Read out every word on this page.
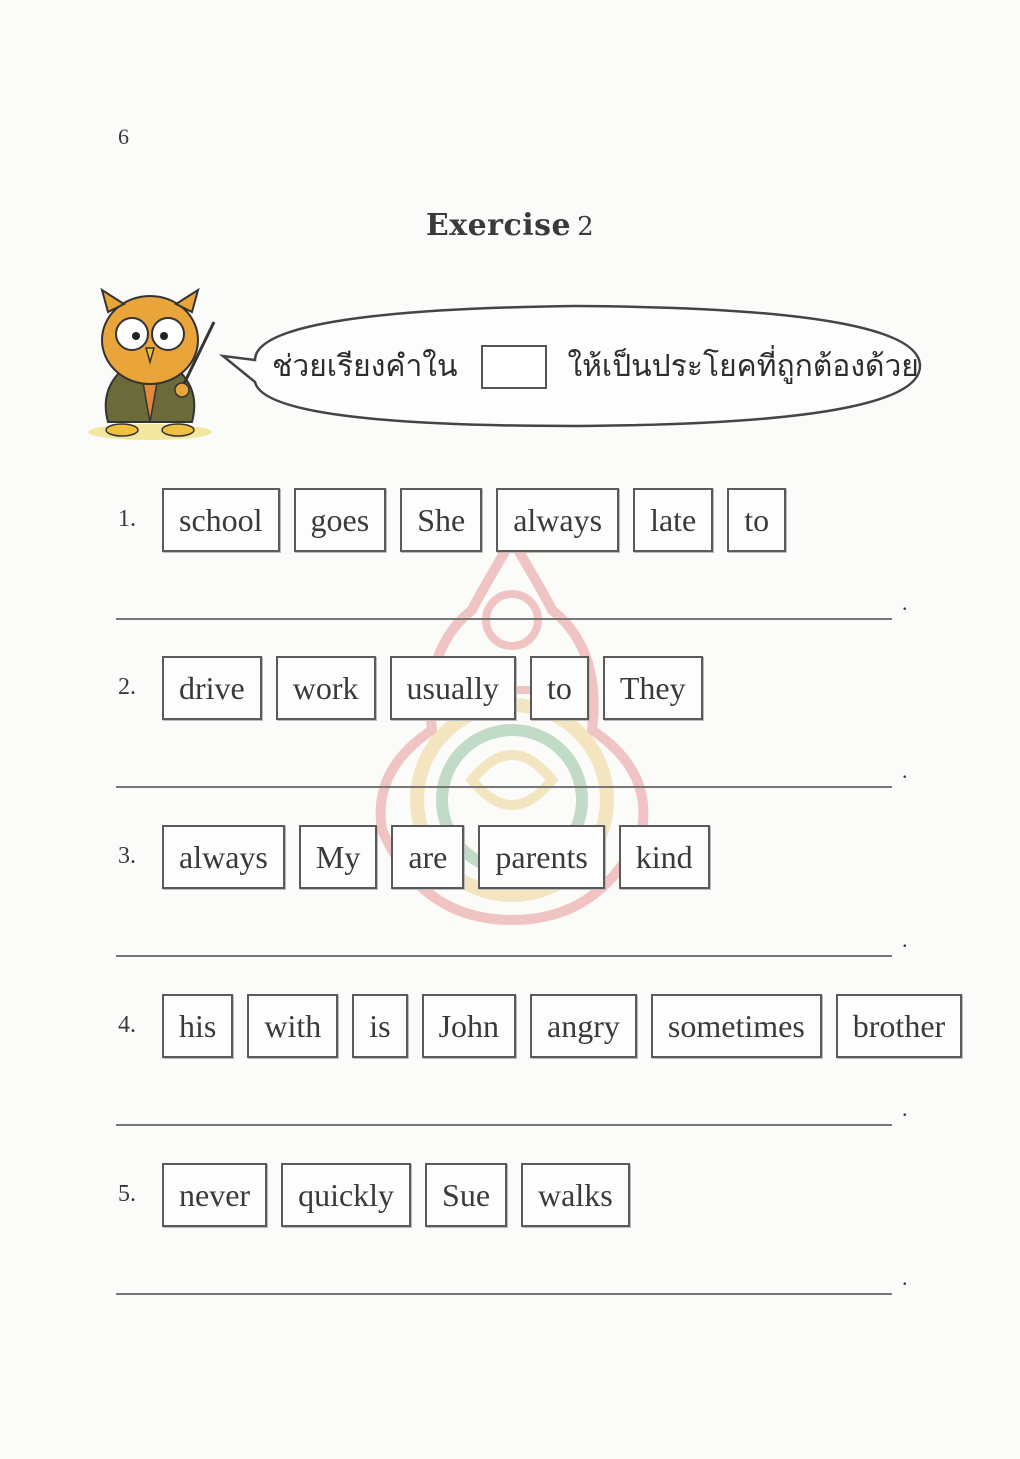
6
Exercise 2
ช่วยเรียงคำใน	ให้เป็นประโยคที่ถูกต้องด้วย
1.	school	goes	She	always	late	to
.
2.	drive	work	usually	to	They
.
3.	always	My	are	parents	kind
.
4.	his	with	is	John	angry	sometimes	brother
.
5.	never	quickly	Sue	walks
.
